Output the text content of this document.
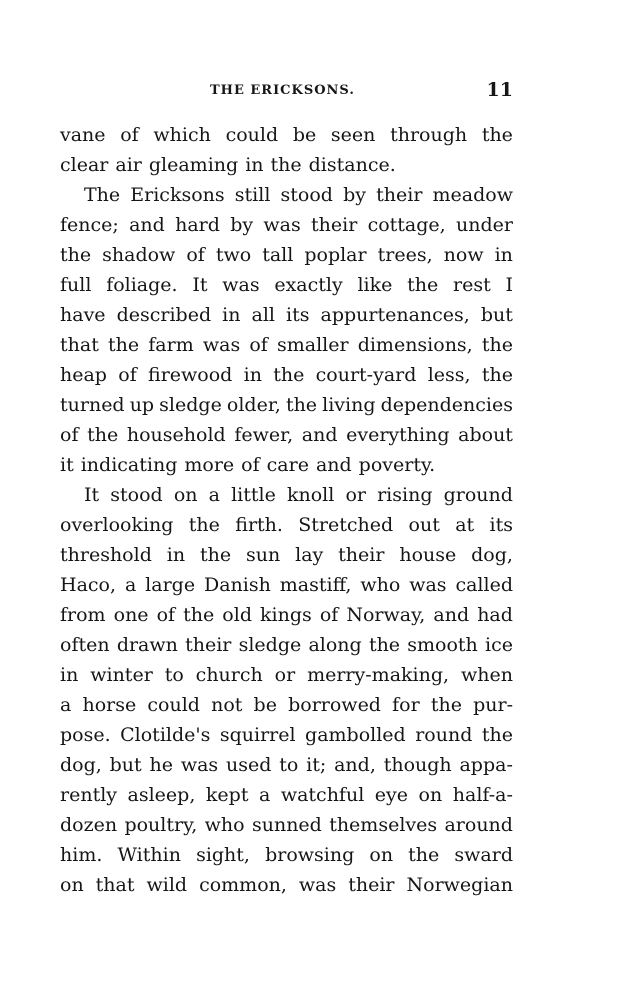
THE ERICKSONS.	11
vane of which could be seen through the
clear air gleaming in the distance.
The Ericksons still stood by their meadow
fence; and hard by was their cottage, under
the shadow of two tall poplar trees, now in
full foliage. It was exactly like the rest I
have described in all its appurtenances, but
that the farm was of smaller dimensions, the
heap of firewood in the court-yard less, the
turned up sledge older, the living dependencies
of the household fewer, and everything about
it indicating more of care and poverty.
It stood on a little knoll or rising ground
overlooking the firth. Stretched out at its
threshold in the sun lay their house dog,
Haco, a large Danish mastiff, who was called
from one of the old kings of Norway, and had
often drawn their sledge along the smooth ice
in winter to church or merry-making, when
a horse could not be borrowed for the pur-
pose. Clotilde's squirrel gambolled round the
dog, but he was used to it; and, though appa-
rently asleep, kept a watchful eye on half-a-
dozen poultry, who sunned themselves around
him. Within sight, browsing on the sward
on that wild common, was their Norwegian
